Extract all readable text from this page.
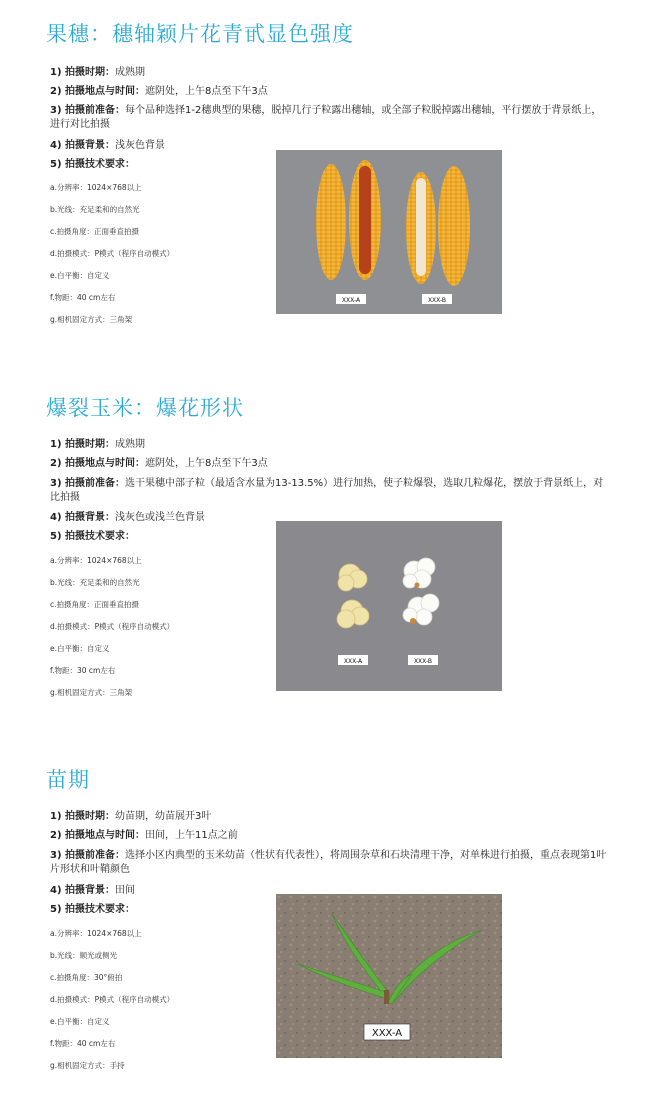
果穗：穗轴颖片花青甙显色强度
1) 拍摄时期：成熟期
2) 拍摄地点与时间：遮阴处，上午8点至下午3点
3) 拍摄前准备：每个品种选择1-2穗典型的果穗，脱掉几行子粒露出穗轴，或全部子粒脱掉露出穗轴，平行摆放于背景纸上，进行对比拍摄
4) 拍摄背景：浅灰色背景
5) 拍摄技术要求：
a.分辨率：1024×768以上
b.光线：充足柔和的自然光
c.拍摄角度：正面垂直拍摄
d.拍摄模式：P模式（程序自动模式）
e.白平衡：自定义
f.物距：40 cm左右
g.相机固定方式：三角架
XXX-A	XXX-B
爆裂玉米：爆花形状
1) 拍摄时期：成熟期
2) 拍摄地点与时间：遮阴处，上午8点至下午3点
3) 拍摄前准备：选干果穗中部子粒（最适含水量为13-13.5%）进行加热，使子粒爆裂，选取几粒爆花，摆放于背景纸上，对比拍摄
4) 拍摄背景：浅灰色或浅兰色背景
5) 拍摄技术要求：
a.分辨率：1024×768以上
b.光线：充足柔和的自然光
c.拍摄角度：正面垂直拍摄
d.拍摄模式：P模式（程序自动模式）
e.白平衡：自定义
f.物距：30 cm左右
g.相机固定方式：三角架
XXX-A	XXX-B
苗期
1) 拍摄时期：幼苗期，幼苗展开3叶
2) 拍摄地点与时间：田间，上午11点之前
3) 拍摄前准备：选择小区内典型的玉米幼苗（性状有代表性），将周围杂草和石块清理干净，对单株进行拍摄，重点表现第1叶片形状和叶鞘颜色
4) 拍摄背景：田间
5) 拍摄技术要求：
a.分辨率：1024×768以上
b.光线：顺光或侧光
c.拍摄角度：30°俯拍
d.拍摄模式：P模式（程序自动模式）
e.白平衡：自定义
f.物距：40 cm左右
g.相机固定方式：手持
XXX-A
